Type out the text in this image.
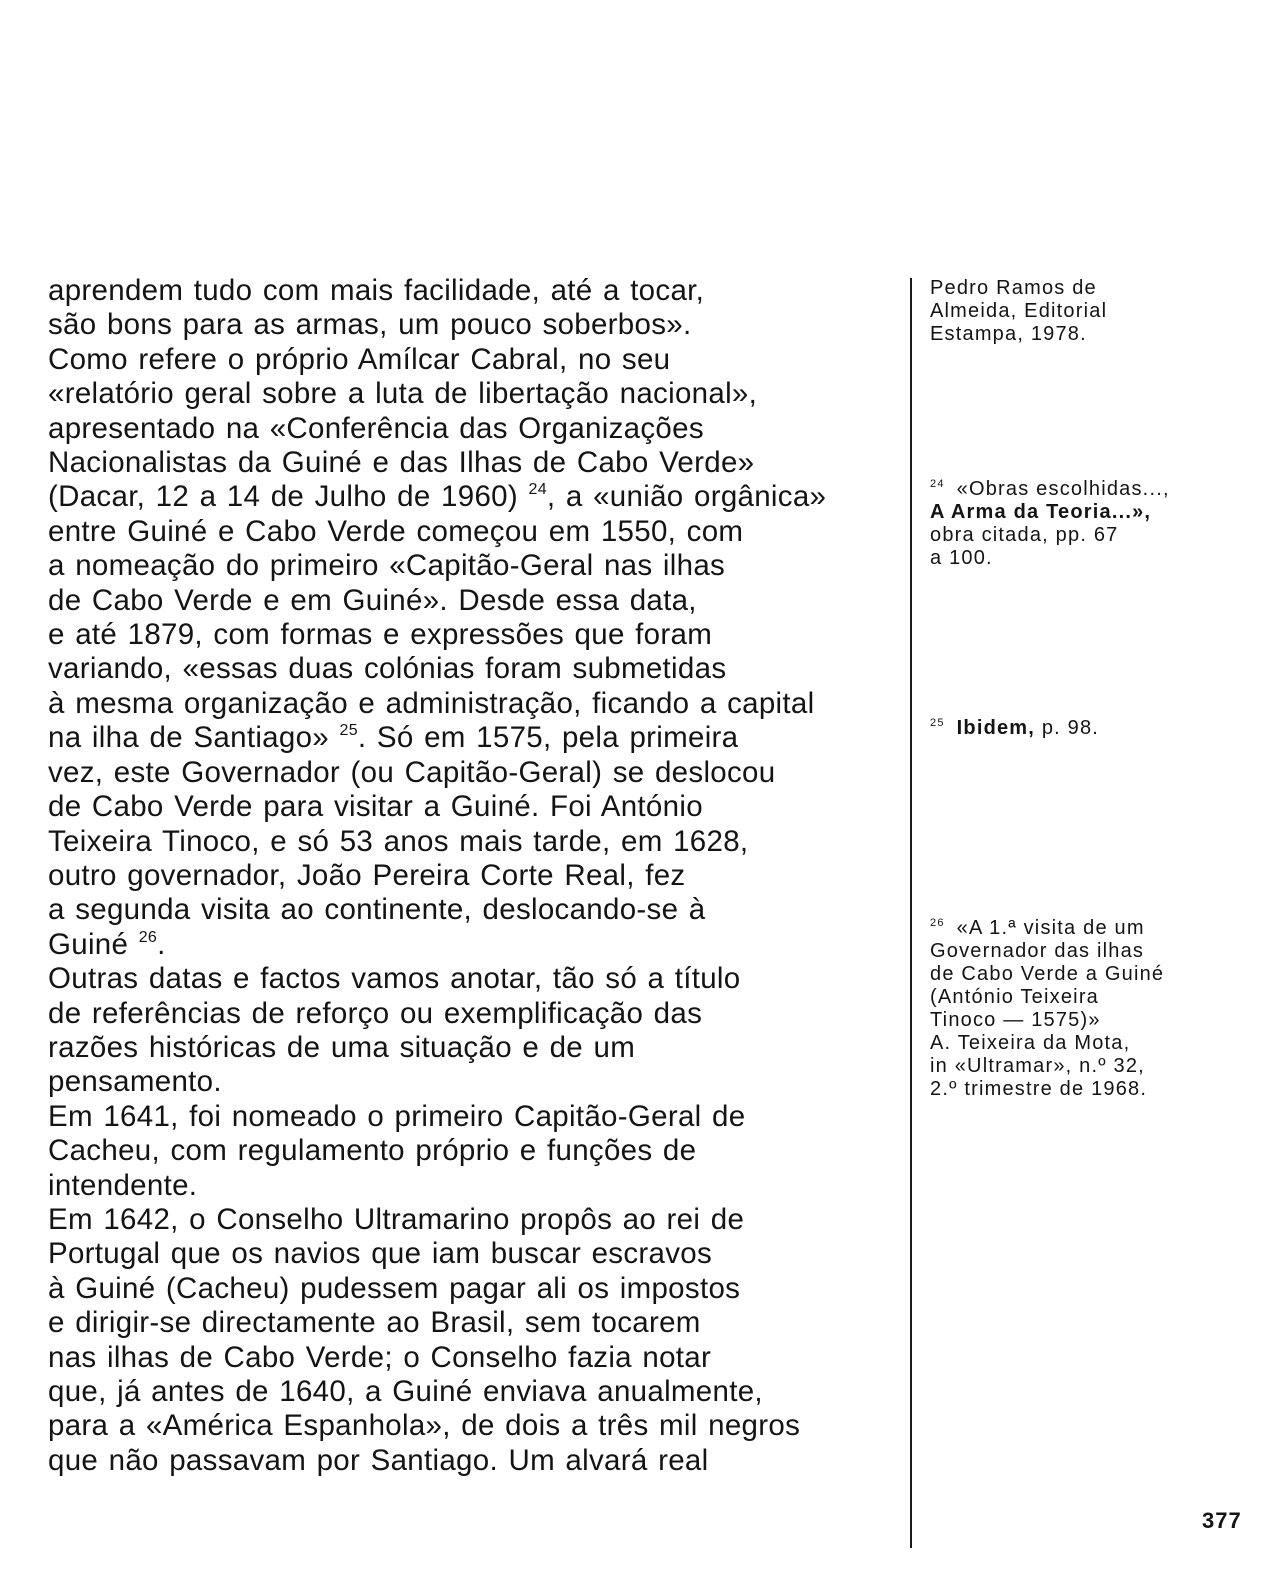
aprendem tudo com mais facilidade, até a tocar,
são bons para as armas, um pouco soberbos».
Como refere o próprio Amílcar Cabral, no seu
«relatório geral sobre a luta de libertação nacional»,
apresentado na «Conferência das Organizações
Nacionalistas da Guiné e das Ilhas de Cabo Verde»
(Dacar, 12 a 14 de Julho de 1960) $^{24}$, a «união orgânica»
entre Guiné e Cabo Verde começou em 1550, com
a nomeação do primeiro «Capitão-Geral nas ilhas
de Cabo Verde e em Guiné». Desde essa data,
e até 1879, com formas e expressões que foram
variando, «essas duas colónias foram submetidas
à mesma organização e administração, ficando a capital
na ilha de Santiago» $^{25}$. Só em 1575, pela primeira
vez, este Governador (ou Capitão-Geral) se deslocou
de Cabo Verde para visitar a Guiné. Foi António
Teixeira Tinoco, e só 53 anos mais tarde, em 1628,
outro governador, João Pereira Corte Real, fez
a segunda visita ao continente, deslocando-se à
Guiné $^{26}$.
Outras datas e factos vamos anotar, tão só a título
de referências de reforço ou exemplificação das
razões históricas de uma situação e de um
pensamento.
Em 1641, foi nomeado o primeiro Capitão-Geral de
Cacheu, com regulamento próprio e funções de
intendente.
Em 1642, o Conselho Ultramarino propôs ao rei de
Portugal que os navios que iam buscar escravos
à Guiné (Cacheu) pudessem pagar ali os impostos
e dirigir-se directamente ao Brasil, sem tocarem
nas ilhas de Cabo Verde; o Conselho fazia notar
que, já antes de 1640, a Guiné enviava anualmente,
para a «América Espanhola», de dois a três mil negros
que não passavam por Santiago. Um alvará real
Pedro Ramos de
Almeida, Editorial
Estampa, 1978.
$^{24}$ «Obras escolhidas...,
A Arma da Teoria...»,
obra citada, pp. 67
a 100.
$^{25}$ Ibidem, p. 98.
$^{26}$ «A 1.ª visita de um
Governador das ilhas
de Cabo Verde a Guiné
(António Teixeira
Tinoco — 1575)»
A. Teixeira da Mota,
in «Ultramar», n.º 32,
2.º trimestre de 1968.
377
